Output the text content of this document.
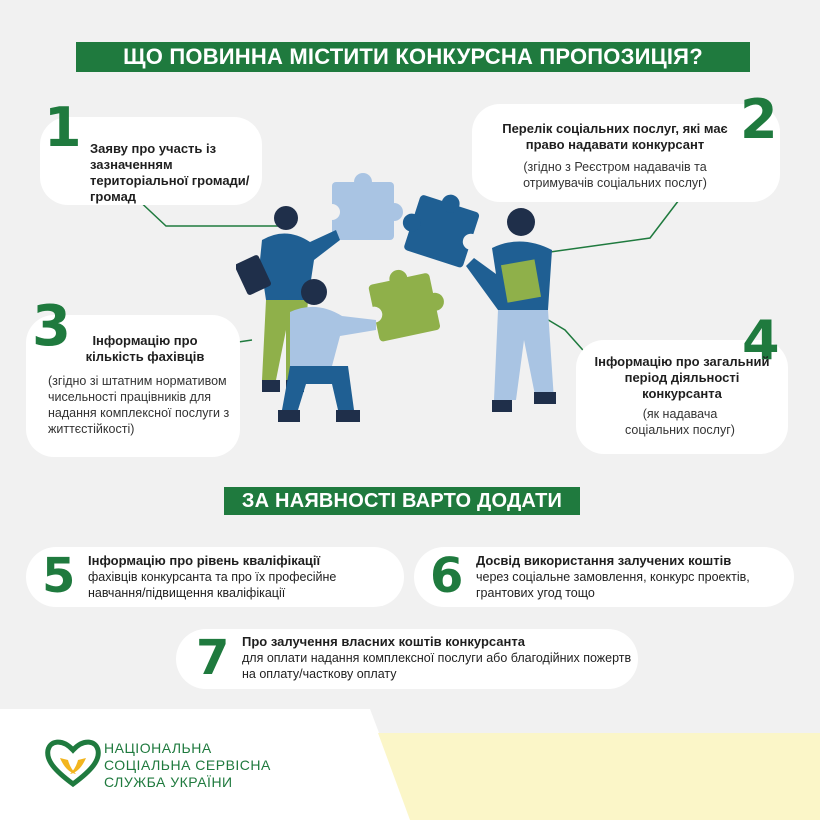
ЩО ПОВИННА МІСТИТИ КОНКУРСНА ПРОПОЗИЦІЯ?
ЗА НАЯВНОСТІ ВАРТО ДОДАТИ
1 Заяву про участь із зазначенням територіальної громади/громад
2
Перелік соціальних послуг, які має право надавати конкурсант
(згідно з Реєстром надавачів та отримувачів соціальних послуг)
3	Інформацію про кількість фахівців
(згідно зі штатним нормативом чисельності працівників для надання комплексної послуги з життєстійкості)
4
Інформацію про загальний період діяльності конкурсанта
(як надавача соціальних послуг)
5 Інформацію про рівень кваліфікації
фахівців конкурсанта та про їх професійне навчання/підвищення кваліфікації	6 Досвід використання залучених коштів
через соціальне замовлення, конкурс проектів, грантових угод тощо
7 Про залучення власних коштів конкурсанта
для оплати надання комплексної послуги або благодійних пожертв на оплату/часткову оплату
НАЦІОНАЛЬНА
СОЦІАЛЬНА СЕРВІСНА
СЛУЖБА УКРАЇНИ
